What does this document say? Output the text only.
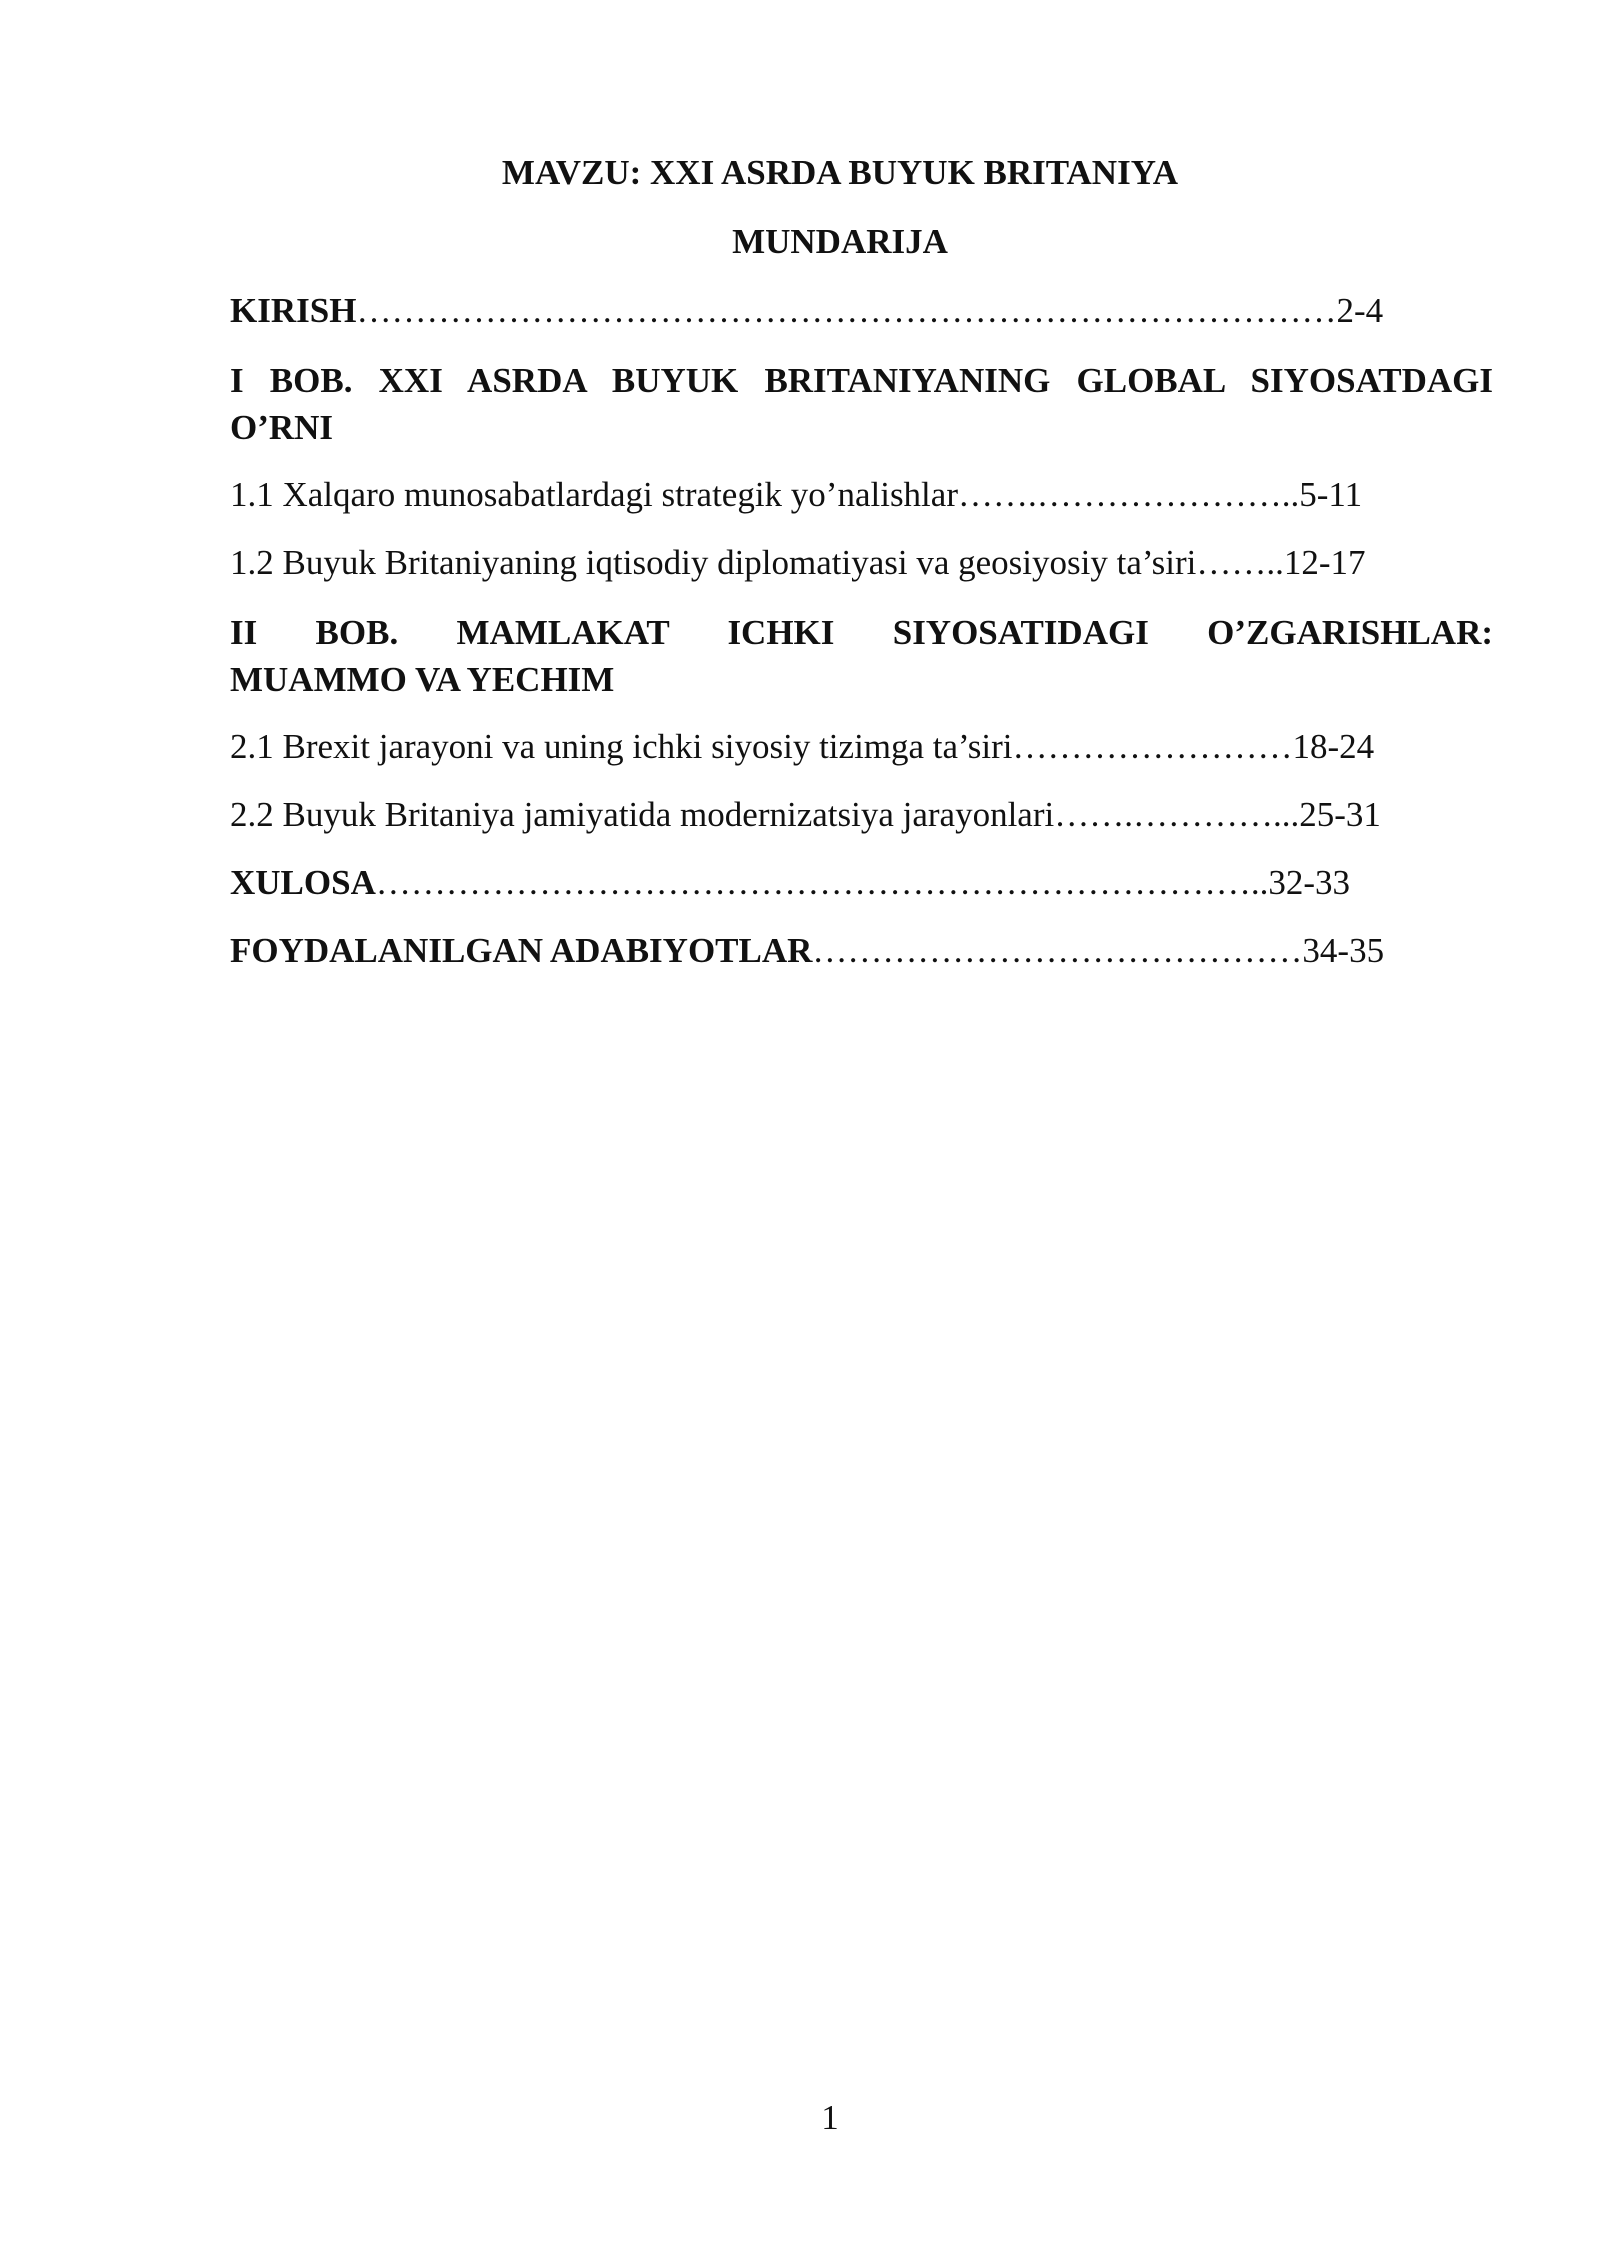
MAVZU: XXI ASRDA BUYUK BRITANIYA
MUNDARIJA
KIRISH…………………………………………………………………………2-4
I BOB. XXI ASRDA BUYUK BRITANIYANING GLOBAL SIYOSATDAGI
O’RNI
1.1 Xalqaro munosabatlardagi strategik yo’nalishlar…….…………………..5-11
1.2 Buyuk Britaniyaning iqtisodiy diplomatiyasi va geosiyosiy ta’siri……..12-17
II BOB. MAMLAKAT ICHKI SIYOSATIDAGI O’ZGARISHLAR:
MUAMMO VA YECHIM
2.1 Brexit jarayoni va uning ichki siyosiy tizimga ta’siri……………………18-24
2.2 Buyuk Britaniya jamiyatida modernizatsiya jarayonlari…….…………...25-31
XULOSA…………………………………………………………………..32-33
FOYDALANILGAN ADABIYOTLAR……………………………………34-35
1
